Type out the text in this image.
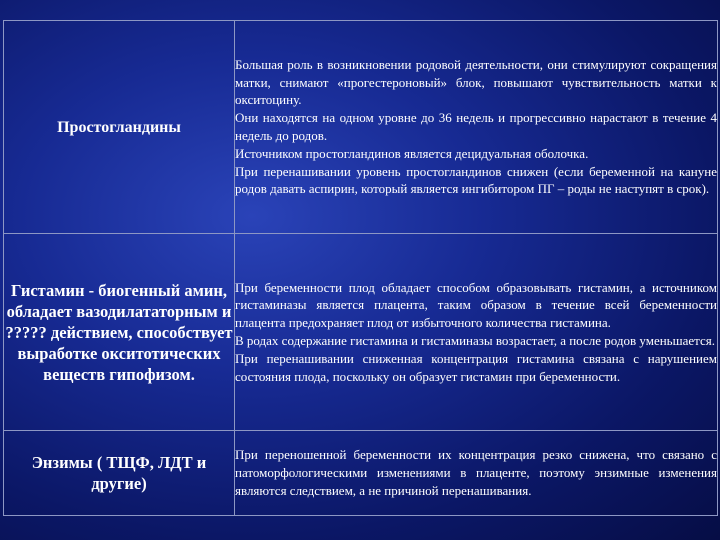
Простогландины	Большая роль в возникновении родовой деятельности, они стимулируют сокращения матки, снимают «прогестероновый» блок, повышают чувствительность матки к окситоцину.

Они находятся на одном уровне до 36 недель и прогрессивно нарастают в течение 4 недель до родов.

Источником простогландинов является децидуальная оболочка.

При перенашивании уровень простогландинов снижен (если беременной на кануне родов давать аспирин, который является ингибитором ПГ – роды не наступят в срок).

Гистамин - биогенный амин, обладает вазодилататорным и ????? действием, способствует выработке окситотических веществ гипофизом.	При беременности плод обладает способом образовывать гистамин, а источником гистаминазы является плацента, таким образом в течение всей беременности плацента предохраняет плод от избыточного количества гистамина.

В родах содержание гистамина и гистаминазы возрастает, а после родов уменьшается.

При перенашивании сниженная концентрация гистамина связана с нарушением состояния плода, поскольку он образует гистамин при беременности.

Энзимы ( ТЩФ, ЛДТ и другие)	При переношенной беременности их концентрация резко снижена, что связано с патоморфологическими изменениями в плаценте, поэтому энзимные изменения являются следствием, а не причиной перенашивания.
